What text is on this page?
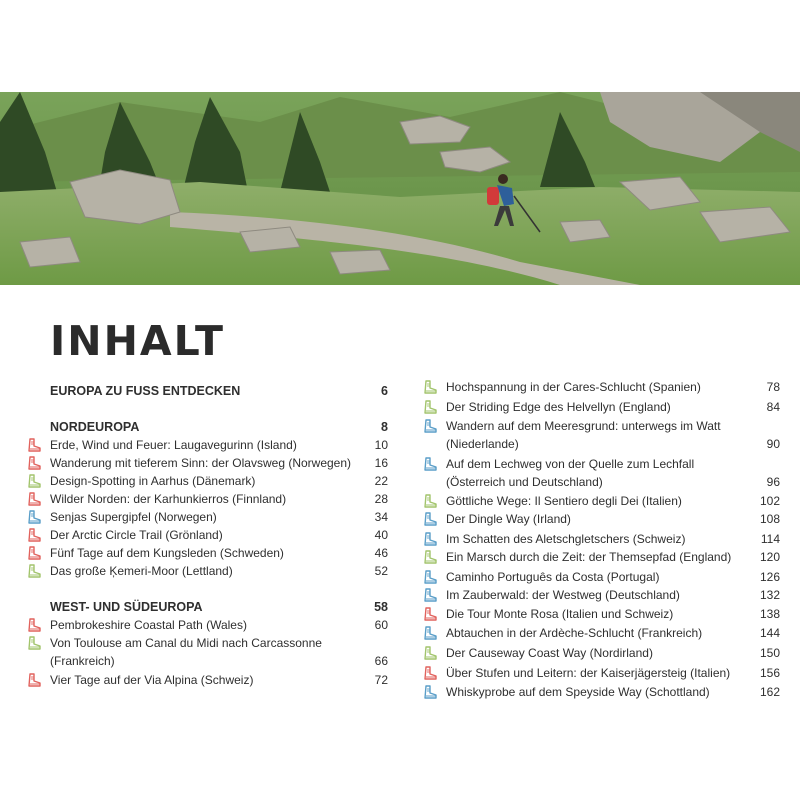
INHALT
EUROPA ZU FUSS ENTDECKEN	6
NORDEUROPA	8
Erde, Wind und Feuer: Laugavegurinn (Island)	10
Wanderung mit tieferem Sinn: der Olavsweg (Norwegen) 16
Design-Spotting in Aarhus (Dänemark)	22
Wilder Norden: der Karhunkierros (Finnland)	28
Senjas Supergipfel (Norwegen)	34
Der Arctic Circle Trail (Grönland)	40
Fünf Tage auf dem Kungsleden (Schweden)	46
Das große Ķemeri-Moor (Lettland)	52
WEST- UND SÜDEUROPA	58
Pembrokeshire Coastal Path (Wales)	60
Von Toulouse am Canal du Midi nach Carcassonne
(Frankreich)	66
Vier Tage auf der Via Alpina (Schweiz)	72
Hochspannung in der Cares-Schlucht (Spanien)	78
Der Striding Edge des Helvellyn (England)	84
Wandern auf dem Meeresgrund: unterwegs im Watt
(Niederlande)	90
Auf dem Lechweg von der Quelle zum Lechfall
(Österreich und Deutschland)	96
Göttliche Wege: Il Sentiero degli Dei (Italien)	102
Der Dingle Way (Irland)	108
Im Schatten des Aletschgletschers (Schweiz)	114
Ein Marsch durch die Zeit: der Themsepfad (England) 120
Caminho Português da Costa (Portugal)	126
Im Zauberwald: der Westweg (Deutschland)	132
Die Tour Monte Rosa (Italien und Schweiz)	138
Abtauchen in der Ardèche-Schlucht (Frankreich)	144
Der Causeway Coast Way (Nordirland)	150
Über Stufen und Leitern: der Kaiserjägersteig (Italien) 156
Whiskyprobe auf dem Speyside Way (Schottland)	162
